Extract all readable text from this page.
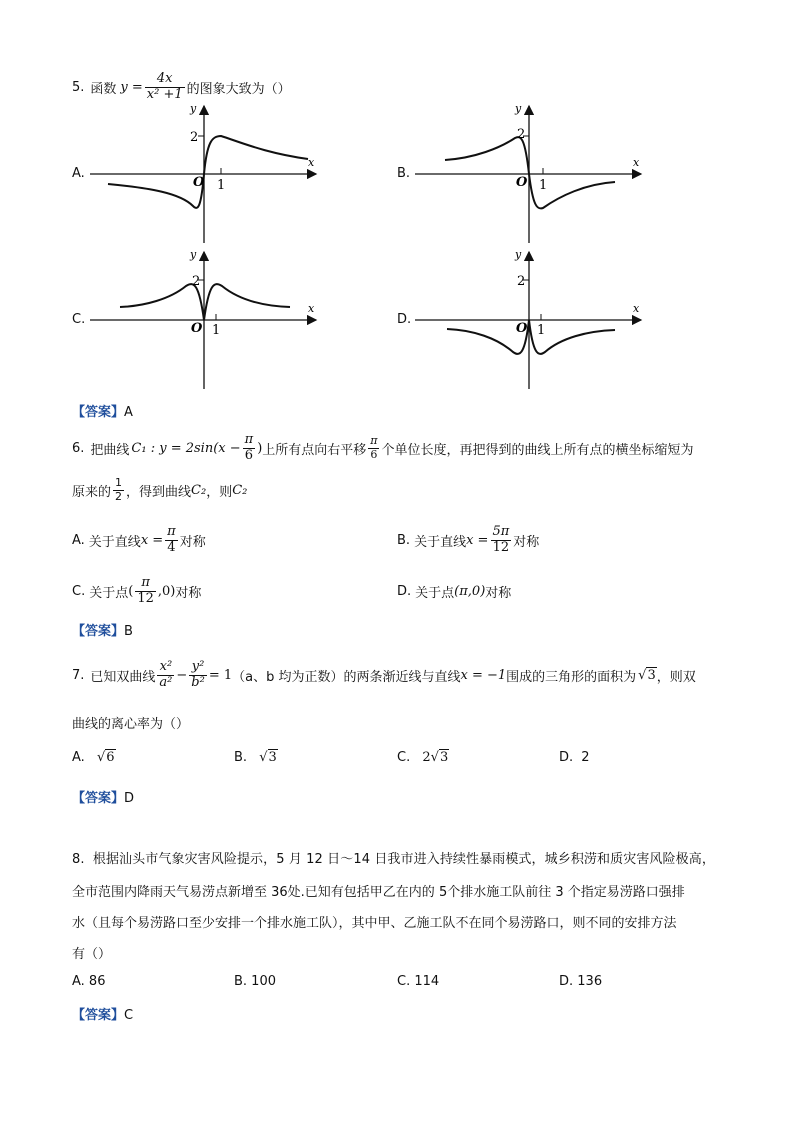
5. 函数 $y = \frac{4x}{\text{x² +1}}$ 的图象大致为（）
A.	B.
C.	D.
y
x
2
O 1
y
x
2
O 1
y
x
2
O 1
y
x
2
O 1
【答案】A
6. 把曲线 C₁ : $y = 2\sin(x - \frac{\pi}{6}$ ) 上所有点向右平移 $\frac{\pi}{6}$ 个单位长度，再把得到的曲线上所有点的横坐标缩短为
原来的 $\frac{1}{2}$ ，得到曲线 C₂ ，则 C₂
A. 关于直线 $x = \frac{\pi}{4}$ 对称	B. 关于直线 $x = \frac{5\pi}{12}$ 对称
C. 关于点 ( $\frac{\pi}{12} ,0$) 对称	D. 关于点 (π,0) 对称
【答案】B
7. 已知双曲线 $\frac{\text{x²}}{\text{a²}} - \frac{\text{y²}}{\text{b²}} = 1$ （a、b 均为正数）的两条渐近线与直线 x = −1 围成的三角形的面积为 √3 ，则双
曲线的离心率为（）
A. √6	B. √3	C. 2√3	D. 2
【答案】D
8. 根据汕头市气象灾害风险提示，5 月 12 日～14 日我市进入持续性暴雨模式，城乡积涝和质灾害风险极高，
全市范围内降雨天气易涝点新增至 36处.已知有包括甲乙在内的 5个排水施工队前往 3 个指定易涝路口强排
水（且每个易涝路口至少安排一个排水施工队），其中甲、乙施工队不在同个易涝路口，则不同的安排方法
有（）
A. 86	B. 100	C. 114	D. 136
【答案】C
